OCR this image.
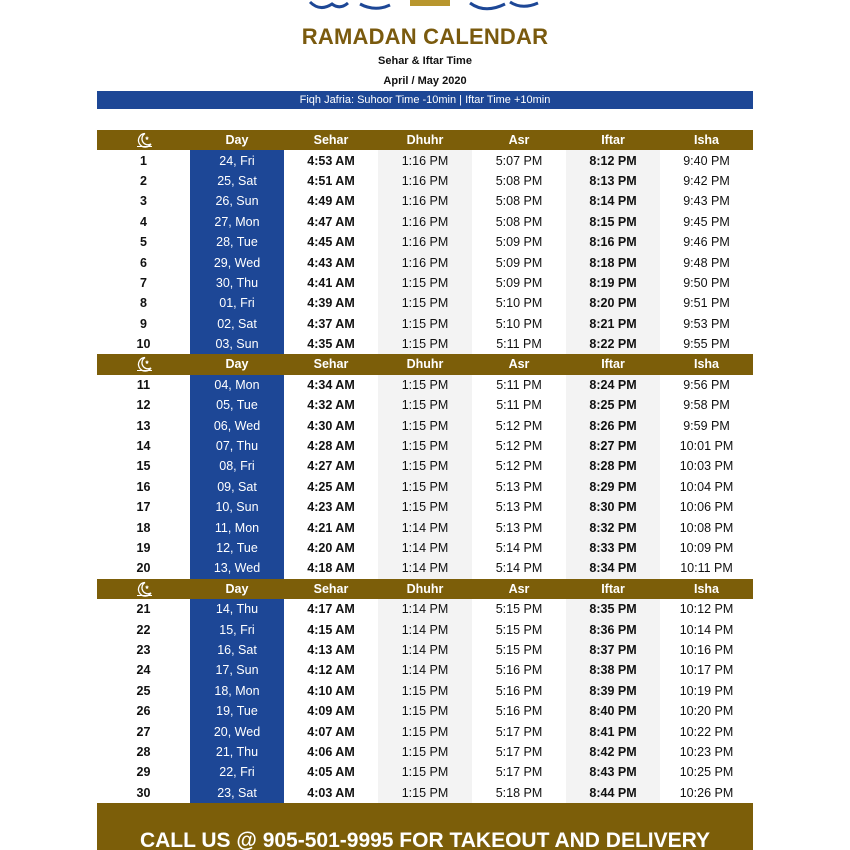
RAMADAN CALENDAR
Sehar & Iftar Time
April / May 2020
Fiqh Jafria: Suhoor Time -10min | Iftar Time +10min
Day	Sehar	Dhuhr	Asr	Iftar	Isha
1	24, Fri	4:53 AM	1:16 PM	5:07 PM	8:12 PM	9:40 PM
2	25, Sat	4:51 AM	1:16 PM	5:08 PM	8:13 PM	9:42 PM
3	26, Sun	4:49 AM	1:16 PM	5:08 PM	8:14 PM	9:43 PM
4	27, Mon	4:47 AM	1:16 PM	5:08 PM	8:15 PM	9:45 PM
5	28, Tue	4:45 AM	1:16 PM	5:09 PM	8:16 PM	9:46 PM
6	29, Wed	4:43 AM	1:16 PM	5:09 PM	8:18 PM	9:48 PM
7	30, Thu	4:41 AM	1:15 PM	5:09 PM	8:19 PM	9:50 PM
8	01, Fri	4:39 AM	1:15 PM	5:10 PM	8:20 PM	9:51 PM
9	02, Sat	4:37 AM	1:15 PM	5:10 PM	8:21 PM	9:53 PM
10	03, Sun	4:35 AM	1:15 PM	5:11 PM	8:22 PM	9:55 PM
Day	Sehar	Dhuhr	Asr	Iftar	Isha
11	04, Mon	4:34 AM	1:15 PM	5:11 PM	8:24 PM	9:56 PM
12	05, Tue	4:32 AM	1:15 PM	5:11 PM	8:25 PM	9:58 PM
13	06, Wed	4:30 AM	1:15 PM	5:12 PM	8:26 PM	9:59 PM
14	07, Thu	4:28 AM	1:15 PM	5:12 PM	8:27 PM	10:01 PM
15	08, Fri	4:27 AM	1:15 PM	5:12 PM	8:28 PM	10:03 PM
16	09, Sat	4:25 AM	1:15 PM	5:13 PM	8:29 PM	10:04 PM
17	10, Sun	4:23 AM	1:15 PM	5:13 PM	8:30 PM	10:06 PM
18	11, Mon	4:21 AM	1:14 PM	5:13 PM	8:32 PM	10:08 PM
19	12, Tue	4:20 AM	1:14 PM	5:14 PM	8:33 PM	10:09 PM
20	13, Wed	4:18 AM	1:14 PM	5:14 PM	8:34 PM	10:11 PM
Day	Sehar	Dhuhr	Asr	Iftar	Isha
21	14, Thu	4:17 AM	1:14 PM	5:15 PM	8:35 PM	10:12 PM
22	15, Fri	4:15 AM	1:14 PM	5:15 PM	8:36 PM	10:14 PM
23	16, Sat	4:13 AM	1:14 PM	5:15 PM	8:37 PM	10:16 PM
24	17, Sun	4:12 AM	1:14 PM	5:16 PM	8:38 PM	10:17 PM
25	18, Mon	4:10 AM	1:15 PM	5:16 PM	8:39 PM	10:19 PM
26	19, Tue	4:09 AM	1:15 PM	5:16 PM	8:40 PM	10:20 PM
27	20, Wed	4:07 AM	1:15 PM	5:17 PM	8:41 PM	10:22 PM
28	21, Thu	4:06 AM	1:15 PM	5:17 PM	8:42 PM	10:23 PM
29	22, Fri	4:05 AM	1:15 PM	5:17 PM	8:43 PM	10:25 PM
30	23, Sat	4:03 AM	1:15 PM	5:18 PM	8:44 PM	10:26 PM
CALL US @ 905-501-9995 FOR TAKEOUT AND DELIVERY
